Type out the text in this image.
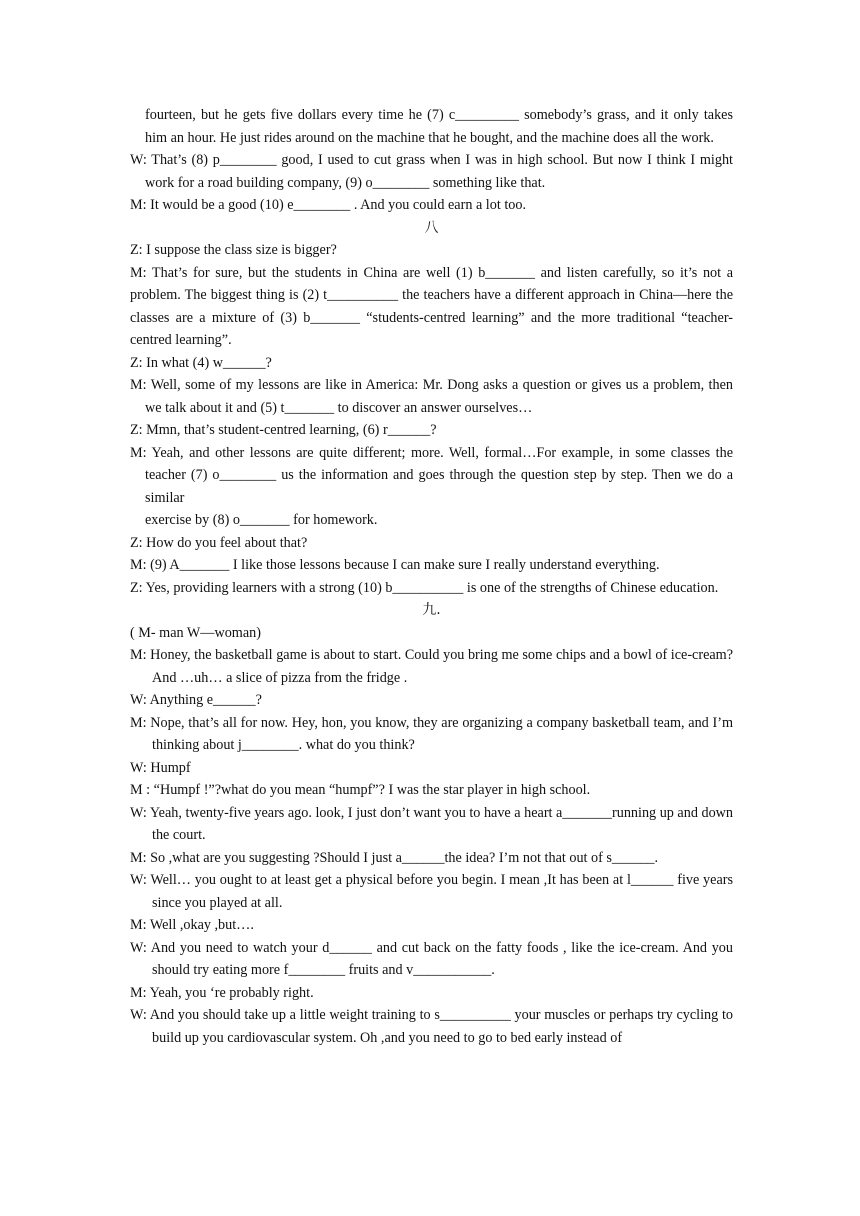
fourteen, but he gets five dollars every time he (7) c_________ somebody’s grass, and it only takes him an hour. He just rides around on the machine that he bought, and the machine does all the work.

W: That’s (8) p________ good, I used to cut grass when I was in high school. But now I think I might work for a road building company, (9) o________ something like that.

M: It would be a good (10) e________ . And you could earn a lot too.

八

Z: I suppose the class size is bigger?

M: That’s for sure, but the students in China are well (1) b_______ and listen carefully, so it’s not a problem. The biggest thing is (2) t__________ the teachers have a different approach in China—here the classes are a mixture of (3) b_______ “students-centred learning” and the more traditional “teacher-centred learning”.

Z: In what (4) w______?

M: Well, some of my lessons are like in America: Mr. Dong asks a question or gives us a problem, then we talk about it and (5) t_______ to discover an answer ourselves…

Z: Mmn, that’s student-centred learning, (6) r______?

M: Yeah, and other lessons are quite different; more. Well, formal…For example, in some classes the teacher (7) o________ us the information and goes through the question step by step. Then we do a similar

exercise by (8) o_______ for homework.

Z: How do you feel about that?

M: (9) A_______ I like those lessons because I can make sure I really understand everything.

Z: Yes, providing learners with a strong (10) b__________ is one of the strengths of Chinese education.

九.

( M- man W—woman)

M: Honey, the basketball game is about to start. Could you bring me some chips and a bowl of ice-cream? And …uh… a slice of pizza from the fridge .

W: Anything e______?

M: Nope, that’s all for now. Hey, hon, you know, they are organizing a company basketball team, and I’m thinking about j________. what do you think?

W: Humpf

M : “Humpf !”?what do you mean “humpf”? I was the star player in high school.

W: Yeah, twenty-five years ago. look, I just don’t want you to have a heart a_______running up and down the court.

M: So ,what are you suggesting ?Should I just a______the idea? I’m not that out of s______.

W: Well… you ought to at least get a physical before you begin. I mean ,It has been at l______ five years since you played at all.

M: Well ,okay ,but….

W: And you need to watch your d______ and cut back on the fatty foods , like the ice-cream. And you should try eating more f________ fruits and v___________.

M: Yeah, you ‘re probably right.

W: And you should take up a little weight training to s__________ your muscles or perhaps try cycling to build up you cardiovascular system. Oh ,and you need to go to bed early instead of
